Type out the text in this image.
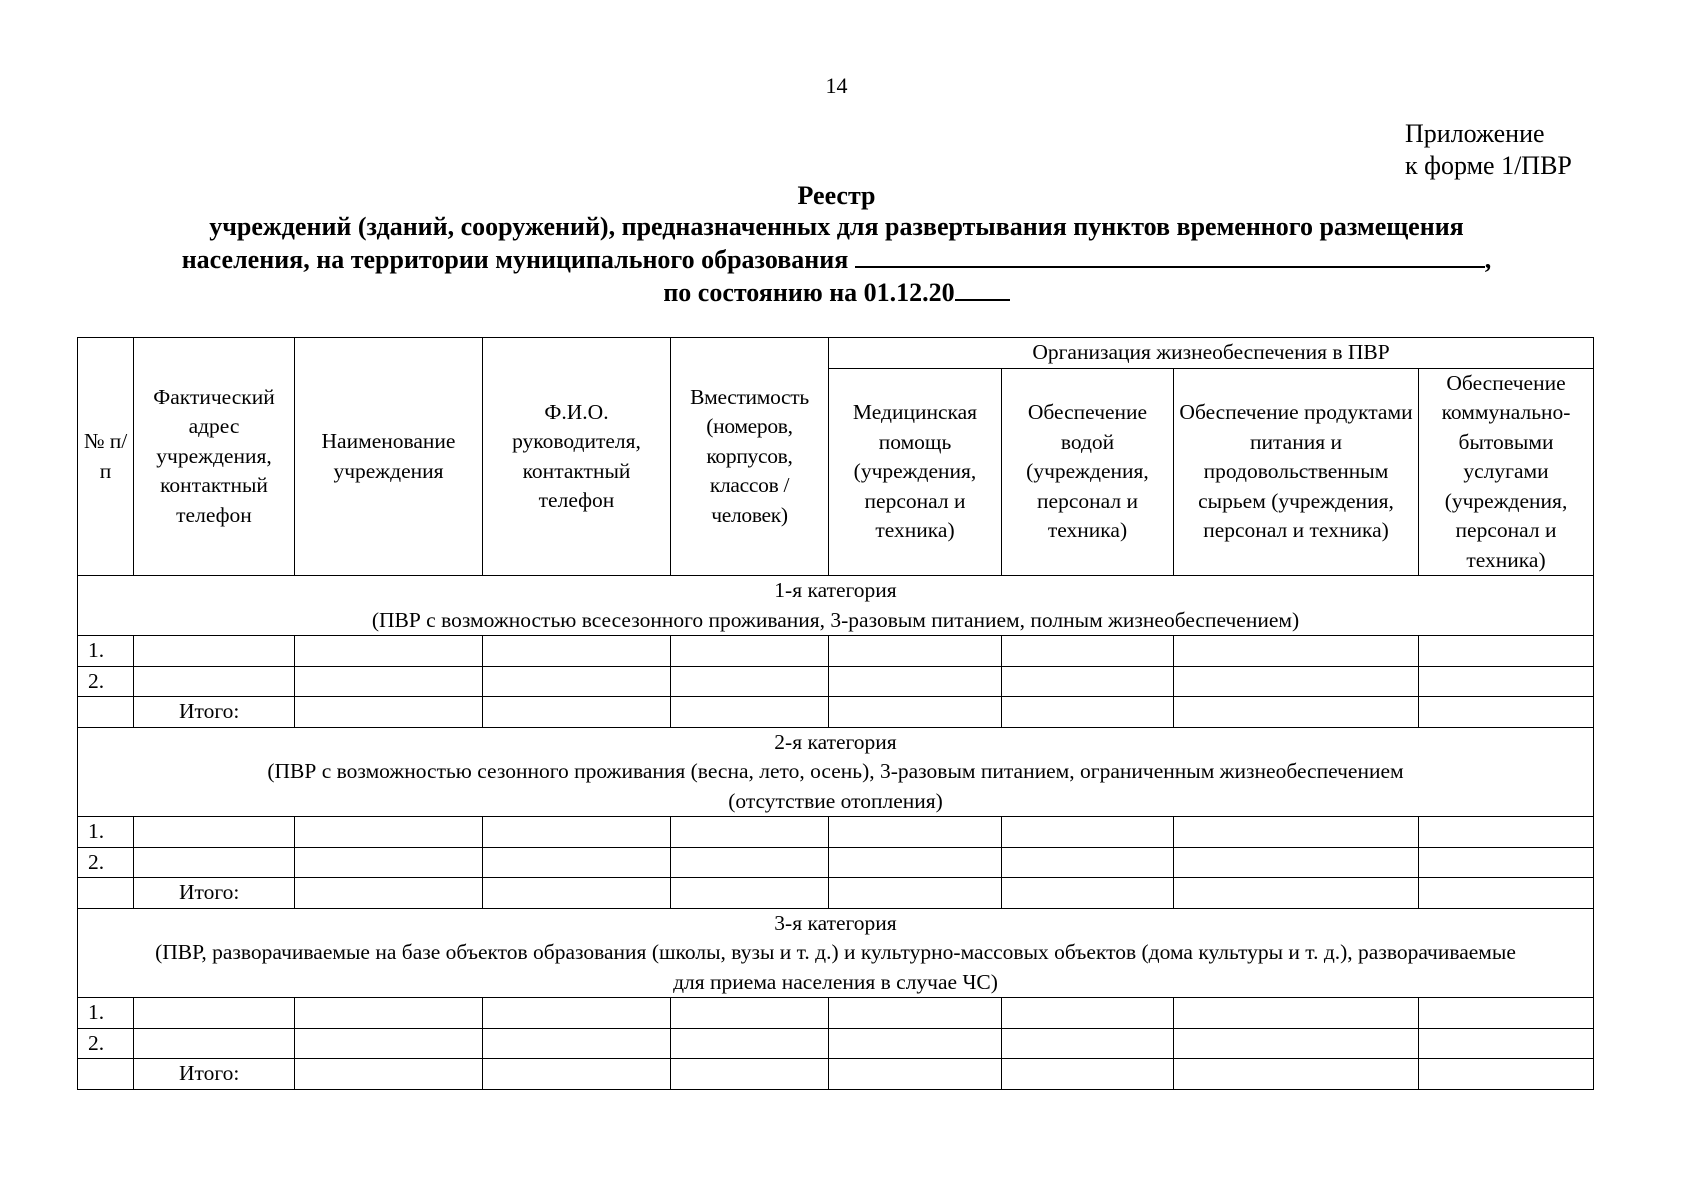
14
Приложение
к форме 1/ПВР
Реестр
учреждений (зданий, сооружений), предназначенных для развертывания пунктов временного размещения
населения, на территории муниципального образования	,
по состоянию на 01.12.20
№ п/п	Фактический адрес учреждения, контактный телефон	Наименование учреждения	Ф.И.О. руководителя, контактный телефон	Вместимость (номеров, корпусов, классов / человек)	Организация жизнеобеспечения в ПВР			
					Медицинская помощь (учреждения, персонал и техника)	Обеспечение водой (учреждения, персонал и техника)	Обеспечение продуктами питания и продовольственным сырьем (учреждения, персонал и техника)	Обеспечение коммунально-бытовыми услугами (учреждения, персонал и техника)

1-я категория
(ПВР с возможностью всесезонного проживания, 3-разовым питанием, полным жизнеобеспечением)								

1.								
2.								
	Итого:							

2-я категория
(ПВР с возможностью сезонного проживания (весна, лето, осень), 3-разовым питанием, ограниченным жизнеобеспечением (отсутствие отопления)								

1.								
2.								
	Итого:							

3-я категория
(ПВР, разворачиваемые на базе объектов образования (школы, вузы и т. д.) и культурно-массовых объектов (дома культуры и т. д.), разворачиваемые для приема населения в случае ЧС)								

1.								
2.								
	Итого:							
